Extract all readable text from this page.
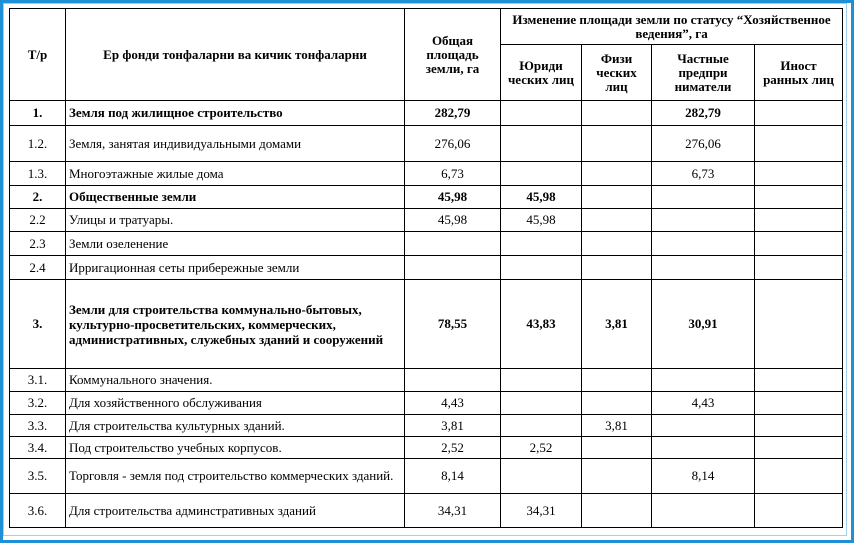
Т/р	Ер фонди тонфаларни ва кичик тонфаларни	Общая площадь земли, га	Изменение площади земли по статусу “Хозяйственное ведения”, га			
			Юриди ческих лиц	Физи ческих лиц	Частные предпри ниматели	Иност ранных лиц
1.	Земля под жилищное строительство	282,79			282,79	
1.2.	Земля, занятая индивидуальными домами	276,06			276,06	
1.3.	Многоэтажные жилые дома	6,73			6,73	
2.	Общественные земли	45,98	45,98			
2.2	Улицы и тратуары.	45,98	45,98			
2.3	Земли озеленение					
2.4	Ирригационная сеты прибережные земли					
3.	Земли для строительства коммунально-бытовых, культурно-просветительских, коммерческих, административных, служебных зданий и сооружений	78,55	43,83	3,81	30,91	
3.1.	Коммунального значения.					
3.2.	Для хозяйственного обслуживания	4,43			4,43	
3.3.	Для строительства культурных зданий.	3,81		3,81		
3.4.	Под строительство учебных корпусов.	2,52	2,52			
3.5.	Торговля - земля под строительство коммерческих зданий.	8,14			8,14	
3.6.	Для строительства админстративных зданий	34,31	34,31			
